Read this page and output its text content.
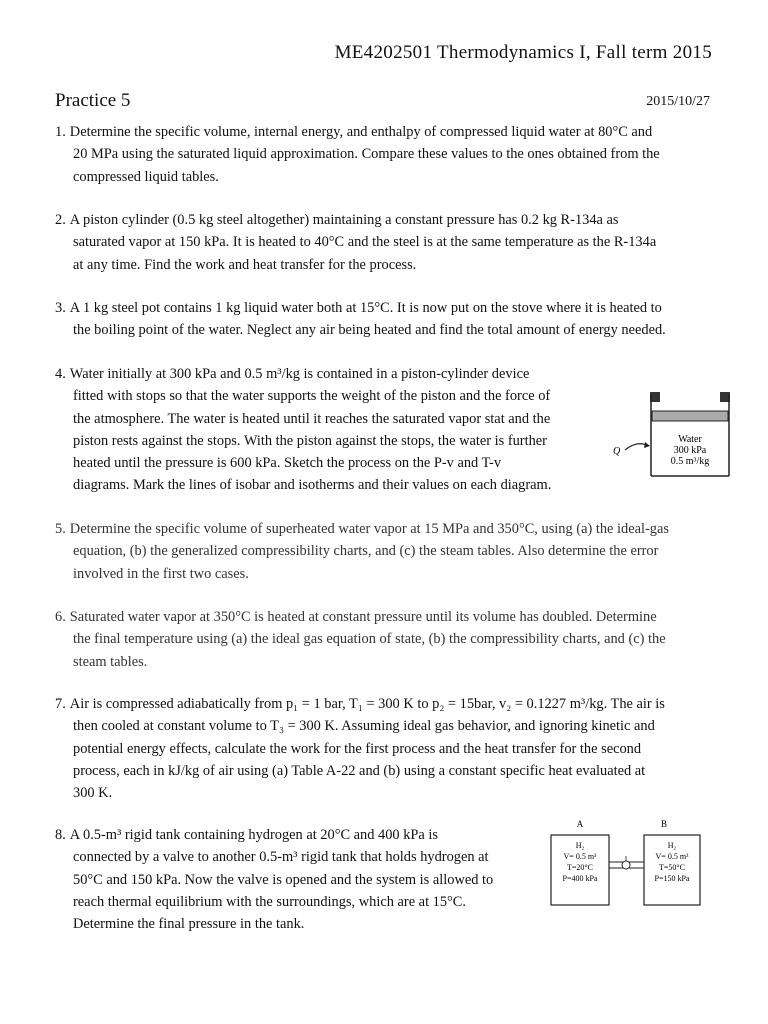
ME4202501 Thermodynamics I, Fall term 2015
Practice 5	2015/10/27
1. Determine the specific volume, internal energy, and enthalpy of compressed liquid water at 80°C and
20 MPa using the saturated liquid approximation. Compare these values to the ones obtained from the
compressed liquid tables.
2. A piston cylinder (0.5 kg steel altogether) maintaining a constant pressure has 0.2 kg R-134a as
saturated vapor at 150 kPa. It is heated to 40°C and the steel is at the same temperature as the R-134a
at any time. Find the work and heat transfer for the process.
3. A 1 kg steel pot contains 1 kg liquid water both at 15°C. It is now put on the stove where it is heated to
the boiling point of the water. Neglect any air being heated and find the total amount of energy needed.
4. Water initially at 300 kPa and 0.5 m³/kg is contained in a piston-cylinder device
fitted with stops so that the water supports the weight of the piston and the force of
the atmosphere. The water is heated until it reaches the saturated vapor stat and the
piston rests against the stops. With the piston against the stops, the water is further
heated until the pressure is 600 kPa. Sketch the process on the P-v and T-v
diagrams. Mark the lines of isobar and isotherms and their values on each diagram.
Q
Water
300 kPa
0.5 m³/kg
5. Determine the specific volume of superheated water vapor at 15 MPa and 350°C, using (a) the ideal-gas
equation, (b) the generalized compressibility charts, and (c) the steam tables. Also determine the error
involved in the first two cases.
6. Saturated water vapor at 350°C is heated at constant pressure until its volume has doubled. Determine
the final temperature using (a) the ideal gas equation of state, (b) the compressibility charts, and (c) the
steam tables.
7. Air is compressed adiabatically from p₁ = 1 bar, T₁ = 300 K to p₂ = 15bar, v₂ = 0.1227 m³/kg. The air is
then cooled at constant volume to T₃ = 300 K. Assuming ideal gas behavior, and ignoring kinetic and
potential energy effects, calculate the work for the first process and the heat transfer for the second
process, each in kJ/kg of air using (a) Table A-22 and (b) using a constant specific heat evaluated at
300 K.
8. A 0.5-m³ rigid tank containing hydrogen at 20°C and 400 kPa is
connected by a valve to another 0.5-m³ rigid tank that holds hydrogen at
50°C and 150 kPa. Now the valve is opened and the system is allowed to
reach thermal equilibrium with the surroundings, which are at 15°C.
Determine the final pressure in the tank.
A	B
H₂
V= 0.5 m³
T=20°C
P=400 kPa
H₂
V= 0.5 m³
T=50°C
P=150 kPa
